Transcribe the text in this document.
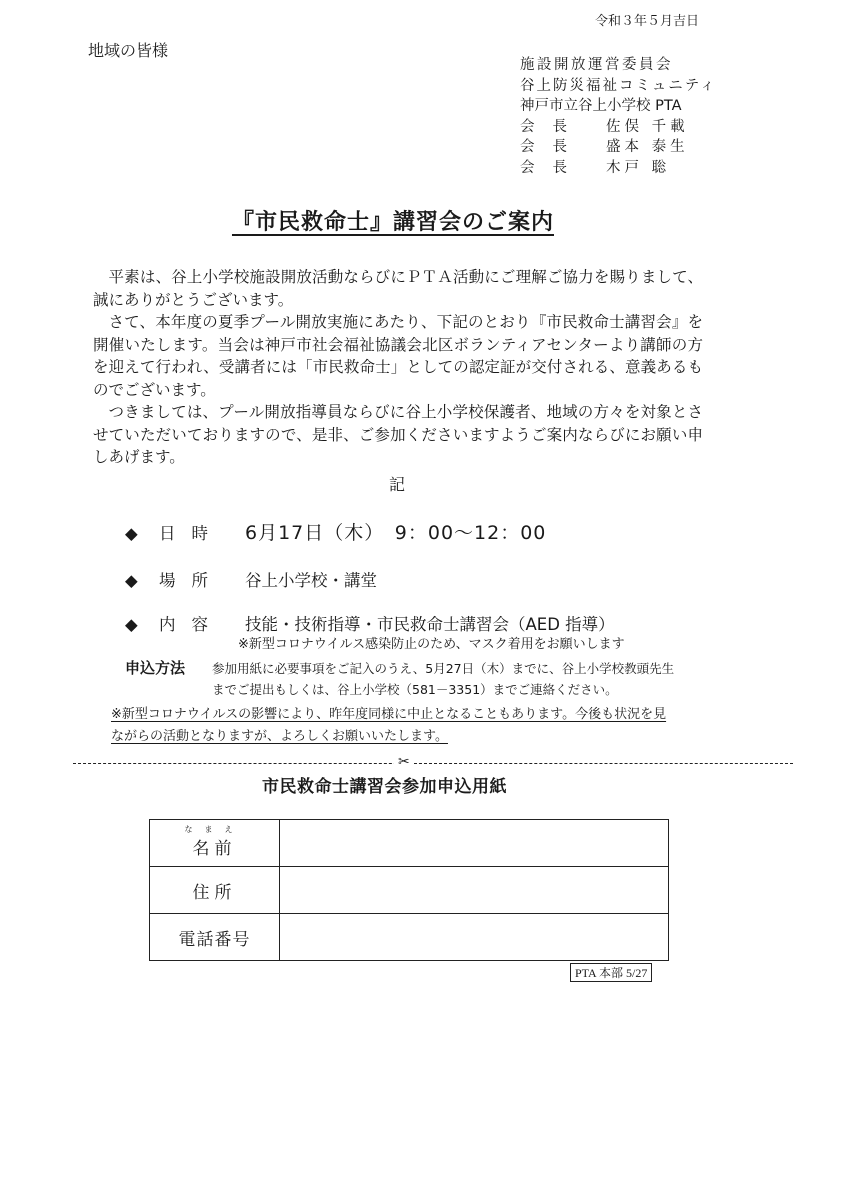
令和３年５月吉日
地域の皆様
施設開放運営委員会
谷上防災福祉コミュニティ
神戸市立谷上小学校 PTA
会長 佐俣 千載
会長 盛本 泰生
会長 木戸 聡
『市民救命士』講習会のご案内

平素は、谷上小学校施設開放活動ならびにＰＴＡ活動にご理解ご協力を賜りまして、誠にありがとうございます。

さて、本年度の夏季プール開放実施にあたり、下記のとおり『市民救命士講習会』を開催いたします。当会は神戸市社会福祉協議会北区ボランティアセンターより講師の方を迎えて行われ、受講者には「市民救命士」としての認定証が交付される、意義あるものでございます。

つきましては、プール開放指導員ならびに谷上小学校保護者、地域の方々を対象とさせていただいておりますので、是非、ご参加くださいますようご案内ならびにお願い申しあげます。

記
◆ 日時 6月17日（木）　9：00～12：00
◆ 場所 谷上小学校・講堂
◆ 内容 技能・技術指導・市民救命士講習会（AED 指導）
※新型コロナウイルス感染防止のため、マスク着用をお願いします
申込方法 参加用紙に必要事項をご記入のうえ、5月27日（木）までに、谷上小学校教頭先生
までご提出もしくは、谷上小学校（581－3351）までご連絡ください。
※新型コロナウイルスの影響により、昨年度同様に中止となることもあります。今後も状況を見
ながらの活動となりますが、よろしくお願いいたします。
✂
市民救命士講習会参加申込用紙
なまえ
名前	
住所	
電話番号	
PTA 本部 5/27
